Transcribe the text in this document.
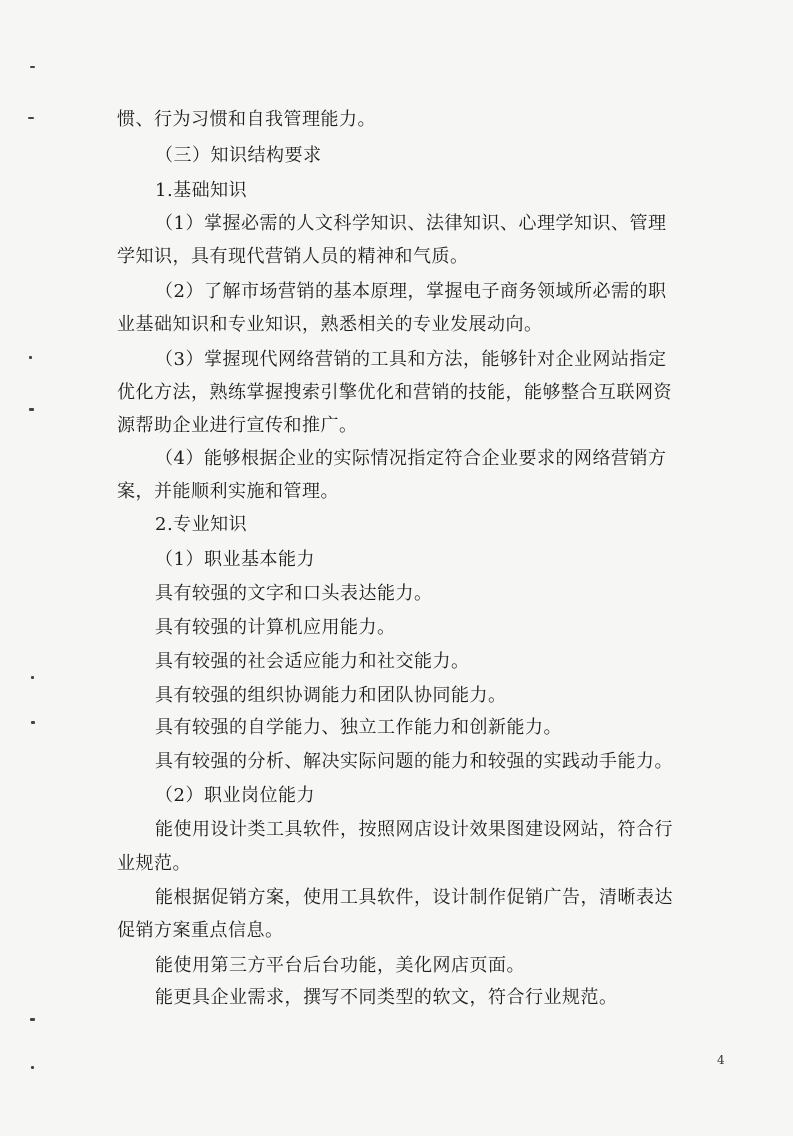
惯、行为习惯和自我管理能力。
（三）知识结构要求
1.基础知识
（1）掌握必需的人文科学知识、法律知识、心理学知识、管理
学知识，具有现代营销人员的精神和气质。
（2）了解市场营销的基本原理，掌握电子商务领域所必需的职
业基础知识和专业知识，熟悉相关的专业发展动向。
（3）掌握现代网络营销的工具和方法，能够针对企业网站指定
优化方法，熟练掌握搜索引擎优化和营销的技能，能够整合互联网资
源帮助企业进行宣传和推广。
（4）能够根据企业的实际情况指定符合企业要求的网络营销方
案，并能顺利实施和管理。
2.专业知识
（1）职业基本能力
具有较强的文字和口头表达能力。
具有较强的计算机应用能力。
具有较强的社会适应能力和社交能力。
具有较强的组织协调能力和团队协同能力。
具有较强的自学能力、独立工作能力和创新能力。
具有较强的分析、解决实际问题的能力和较强的实践动手能力。
（2）职业岗位能力
能使用设计类工具软件，按照网店设计效果图建设网站，符合行
业规范。
能根据促销方案，使用工具软件，设计制作促销广告，清晰表达
促销方案重点信息。
能使用第三方平台后台功能，美化网店页面。
能更具企业需求，撰写不同类型的软文，符合行业规范。
4
